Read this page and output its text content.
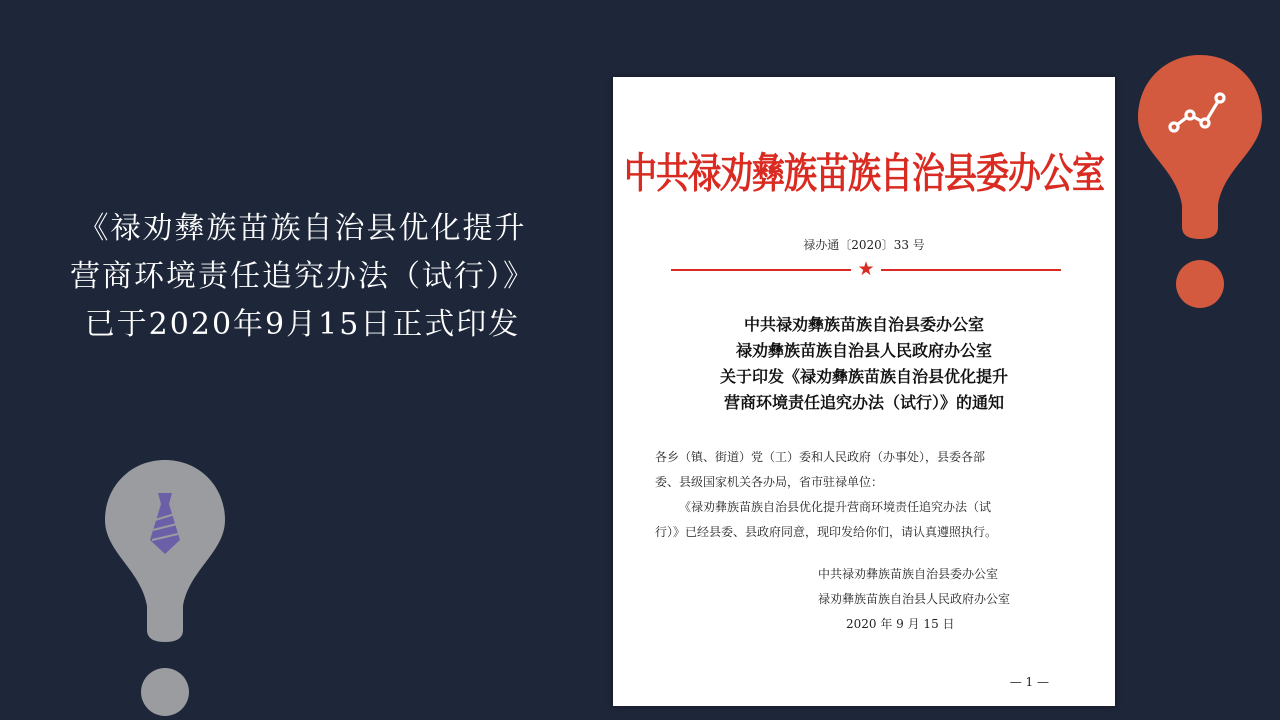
《禄劝彝族苗族自治县优化提升
营商环境责任追究办法（试行）》
已于2020年9月15日正式印发
中共禄劝彝族苗族自治县委办公室
禄办通〔2020〕33 号
★
中共禄劝彝族苗族自治县委办公室
禄劝彝族苗族自治县人民政府办公室
关于印发《禄劝彝族苗族自治县优化提升
营商环境责任追究办法（试行）》的通知
各乡（镇、街道）党（工）委和人民政府（办事处），县委各部
委、县级国家机关各办局，省市驻禄单位：
《禄劝彝族苗族自治县优化提升营商环境责任追究办法（试
行）》已经县委、县政府同意，现印发给你们，请认真遵照执行。
中共禄劝彝族苗族自治县委办公室
禄劝彝族苗族自治县人民政府办公室
2020 年 9 月 15 日
— 1 —
